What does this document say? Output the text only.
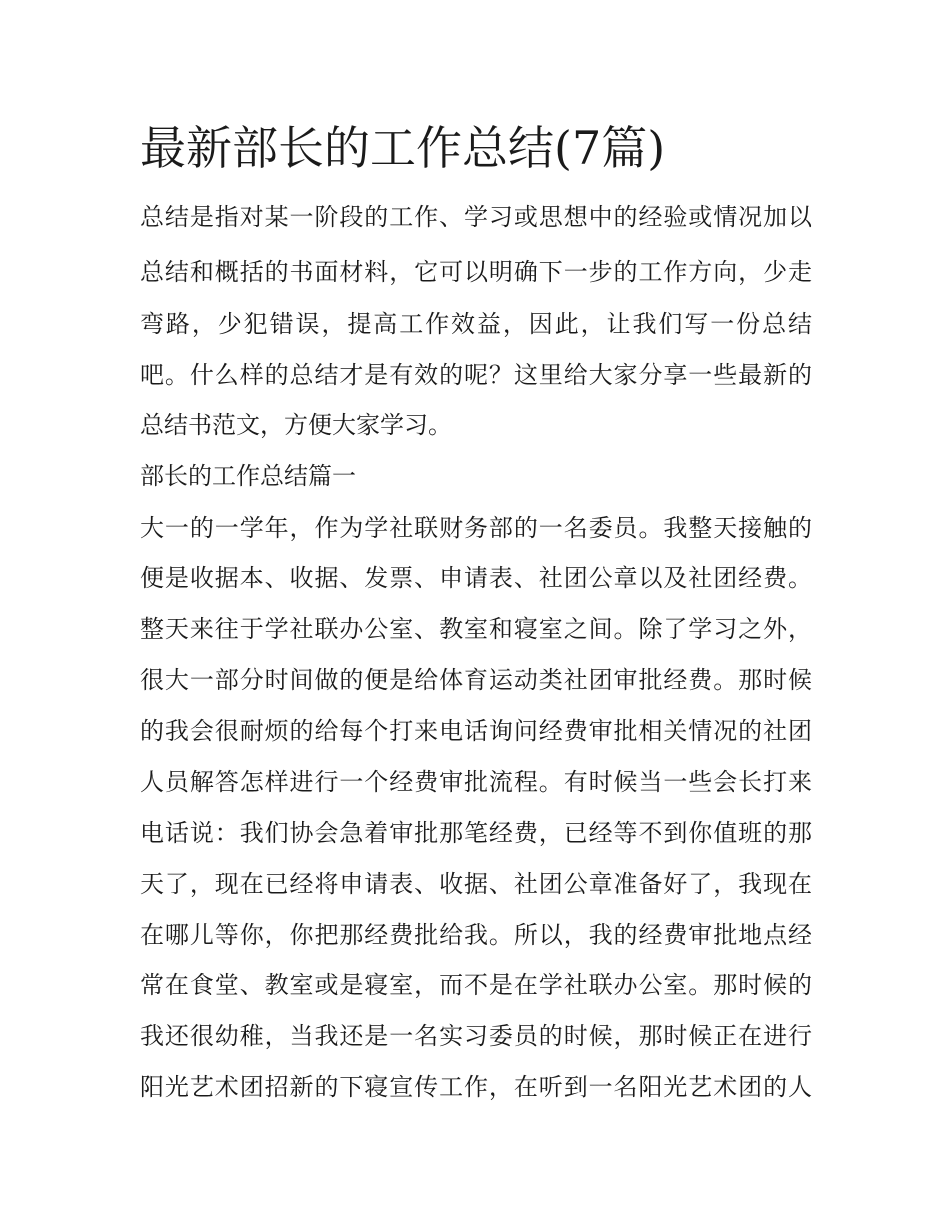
最新部长的工作总结(7篇)

总结是指对某一阶段的工作、学习或思想中的经验或情况加以

总结和概括的书面材料，它可以明确下一步的工作方向，少走

弯路，少犯错误，提高工作效益，因此，让我们写一份总结

吧。什么样的总结才是有效的呢？这里给大家分享一些最新的

总结书范文，方便大家学习。

部长的工作总结篇一

大一的一学年，作为学社联财务部的一名委员。我整天接触的

便是收据本、收据、发票、申请表、社团公章以及社团经费。

整天来往于学社联办公室、教室和寝室之间。除了学习之外，

很大一部分时间做的便是给体育运动类社团审批经费。那时候

的我会很耐烦的给每个打来电话询问经费审批相关情况的社团

人员解答怎样进行一个经费审批流程。有时候当一些会长打来

电话说：我们协会急着审批那笔经费，已经等不到你值班的那

天了，现在已经将申请表、收据、社团公章准备好了，我现在

在哪儿等你，你把那经费批给我。所以，我的经费审批地点经

常在食堂、教室或是寝室，而不是在学社联办公室。那时候的

我还很幼稚，当我还是一名实习委员的时候，那时候正在进行

阳光艺术团招新的下寝宣传工作，在听到一名阳光艺术团的人
